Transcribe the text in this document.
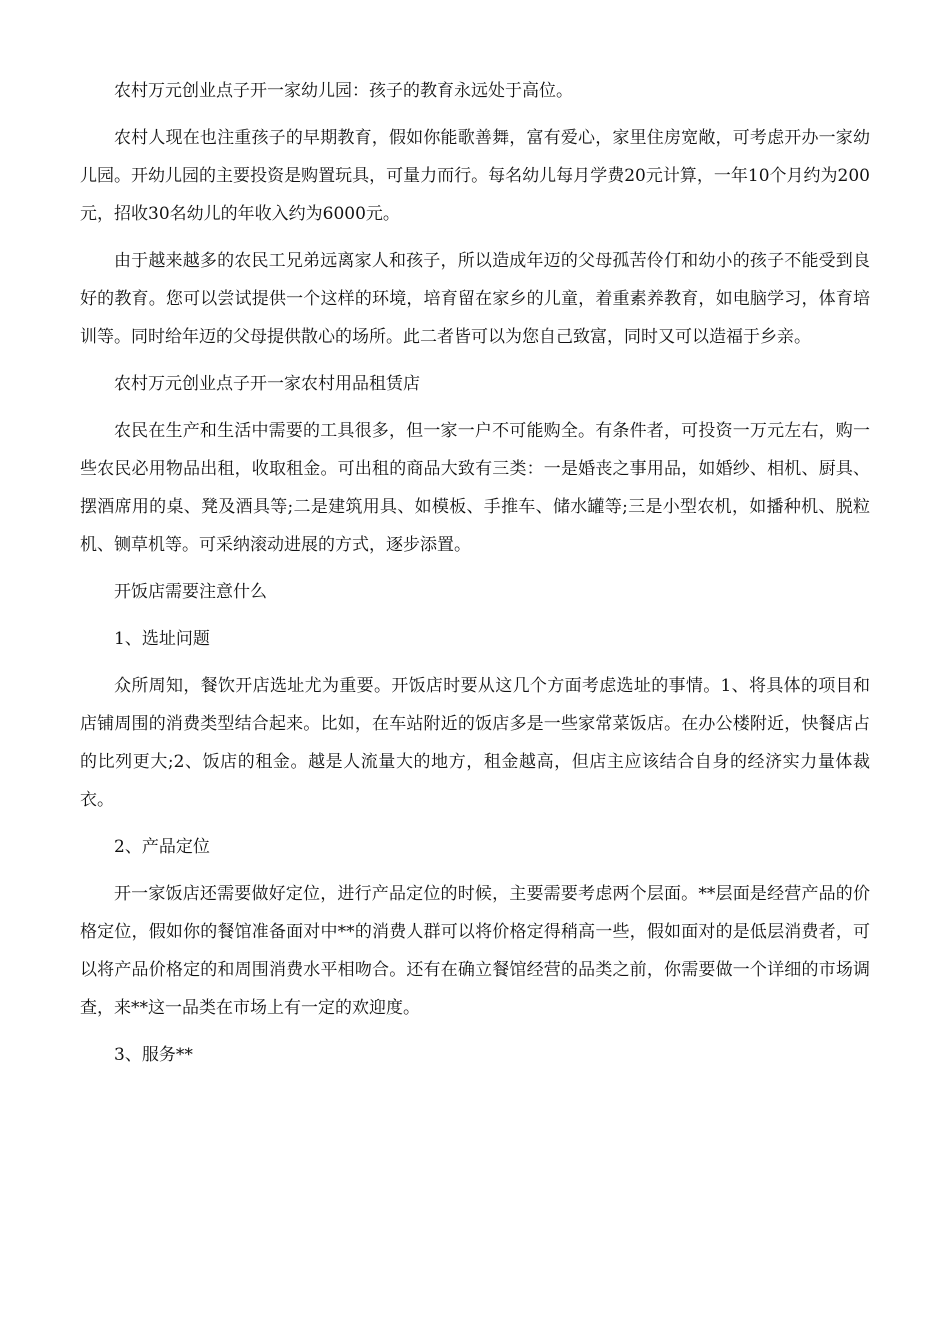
农村万元创业点子开一家幼儿园：孩子的教育永远处于高位。

农村人现在也注重孩子的早期教育，假如你能歌善舞，富有爱心，家里住房宽敞，可考虑开办一家幼儿园。开幼儿园的主要投资是购置玩具，可量力而行。每名幼儿每月学费20元计算，一年10个月约为200元，招收30名幼儿的年收入约为6000元。

由于越来越多的农民工兄弟远离家人和孩子，所以造成年迈的父母孤苦伶仃和幼小的孩子不能受到良好的教育。您可以尝试提供一个这样的环境，培育留在家乡的儿童，着重素养教育，如电脑学习，体育培训等。同时给年迈的父母提供散心的场所。此二者皆可以为您自己致富，同时又可以造福于乡亲。

农村万元创业点子开一家农村用品租赁店

农民在生产和生活中需要的工具很多，但一家一户不可能购全。有条件者，可投资一万元左右，购一些农民必用物品出租，收取租金。可出租的商品大致有三类：一是婚丧之事用品，如婚纱、相机、厨具、摆酒席用的桌、凳及酒具等;二是建筑用具、如模板、手推车、储水罐等;三是小型农机，如播种机、脱粒机、铡草机等。可采纳滚动进展的方式，逐步添置。

开饭店需要注意什么

1、选址问题

众所周知，餐饮开店选址尤为重要。开饭店时要从这几个方面考虑选址的事情。1、将具体的项目和店铺周围的消费类型结合起来。比如，在车站附近的饭店多是一些家常菜饭店。在办公楼附近，快餐店占的比列更大;2、饭店的租金。越是人流量大的地方，租金越高，但店主应该结合自身的经济实力量体裁衣。

2、产品定位

开一家饭店还需要做好定位，进行产品定位的时候，主要需要考虑两个层面。**层面是经营产品的价格定位，假如你的餐馆准备面对中**的消费人群可以将价格定得稍高一些，假如面对的是低层消费者，可以将产品价格定的和周围消费水平相吻合。还有在确立餐馆经营的品类之前，你需要做一个详细的市场调查，来**这一品类在市场上有一定的欢迎度。

3、服务**
